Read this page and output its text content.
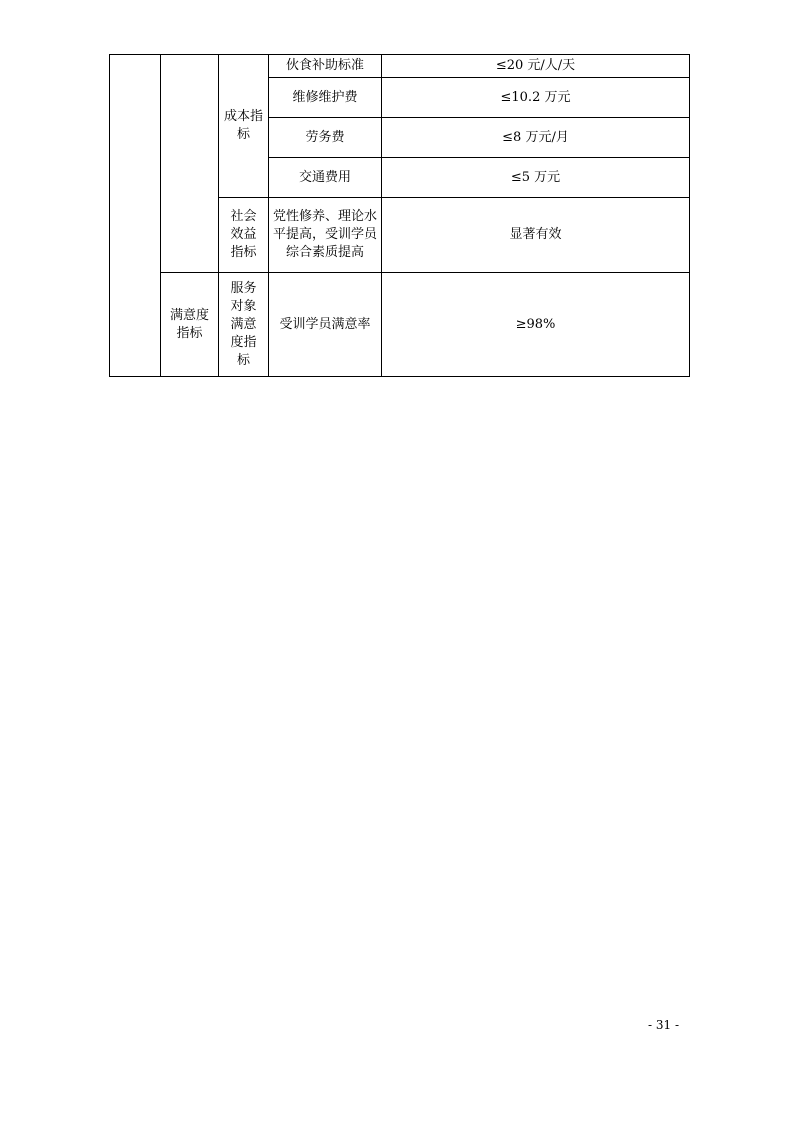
		成本指标	伙食补助标准	≤20 元/人/天
			维修维护费	≤10.2 万元
			劳务费	≤8 万元/月
			交通费用	≤5 万元

		社会效益指标	党性修养、理论水平提高，受训学员综合素质提高	显著有效

	满意度指标	服务对象满意度指标	受训学员满意率	≥98%
- 31 -
